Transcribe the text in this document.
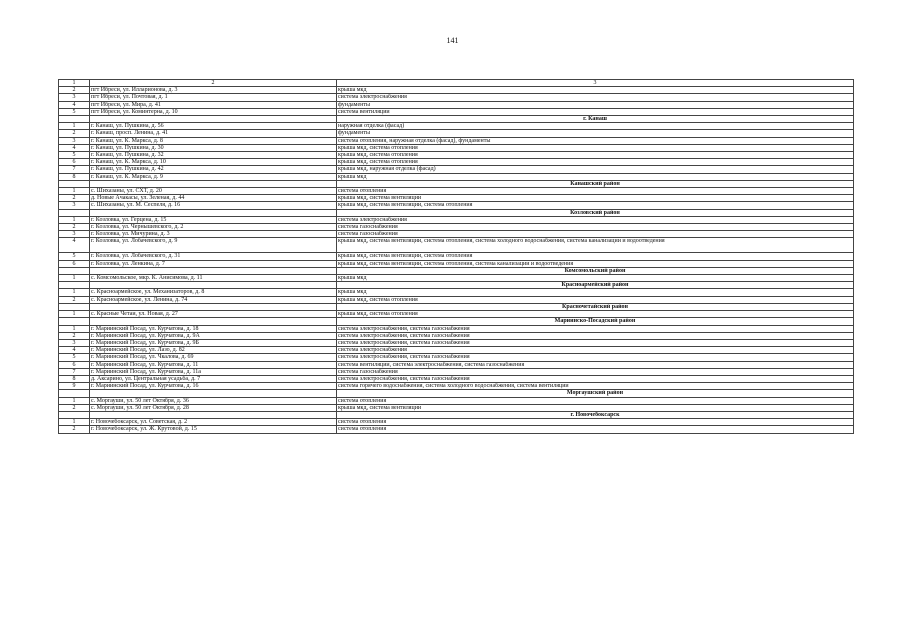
141
1	2	3
2	пгт Ибреси, ул. Илларионова, д. 3	крыша мкд
3	пгт Ибреси, ул. Почтовая, д. 1	система электроснабжения
4	пгт Ибреси, ул. Мира, д. 41	фундаменты
5	пгт Ибреси, ул. Коминтерна, д. 10	система вентиляции
		г. Канаш
1	г. Канаш, ул. Пушкина, д. 56	наружная отделка (фасад)
2	г. Канаш, просп. Ленина, д. 41	фундаменты
3	г. Канаш, ул. К. Маркса, д. 8	система отопления, наружная отделка (фасад), фундаменты
4	г. Канаш, ул. Пушкина, д. 30	крыша мкд, система отопления
5	г. Канаш, ул. Пушкина, д. 32	крыша мкд, система отопления
6	г. Канаш, ул. К. Маркса, д. 10	крыша мкд, система отопления
7	г. Канаш, ул. Пушкина, д. 42	крыша мкд, наружная отделка (фасад)
8	г. Канаш, ул. К. Маркса, д. 9	крыша мкд
		Канашский район
1	с. Шихазаны, ул. СХТ, д. 20	система отопления
2	д. Новые Ачакасы, ул. Зеленая, д. 44	крыша мкд, система вентиляции
3	с. Шихазаны, ул. М. Сеспеля, д. 16	крыша мкд, система вентиляции, система отопления
		Козловский район
1	г. Козловка, ул. Герцена, д. 15	система электроснабжения
2	г. Козловка, ул. Чернышевского, д. 2	система газоснабжения
3	г. Козловка, ул. Мичурина, д. 3	система газоснабжения
4	г. Козловка, ул. Лобачевского, д. 9	крыша мкд, система вентиляции, система отопления, система холодного водоснабжения, система канализации и водоотведения
5	г. Козловка, ул. Лобачевского, д. 31	крыша мкд, система вентиляции, система отопления
6	г. Козловка, ул. Ленкина, д. 7	крыша мкд, система вентиляции, система отопления, система канализации и водоотведения
		Комсомольский район
1	с. Комсомольское, мкр. К. Анисимова, д. 11	крыша мкд
		Красноармейский район
1	с. Красноармейское, ул. Механизаторов, д. 8	крыша мкд
2	с. Красноармейское, ул. Ленина, д. 74	крыша мкд, система отопления
		Красночетайский район
1	с. Красные Четаи, ул. Новая, д. 27	крыша мкд, система отопления
		Мариинско-Посадский район
1	г. Мариинский Посад, ул. Курчатова, д. 18	система электроснабжения, система газоснабжения
2	г. Мариинский Посад, ул. Курчатова, д. 9А	система электроснабжения, система газоснабжения
3	г. Мариинский Посад, ул. Курчатова, д. 9Б	система электроснабжения, система газоснабжения
4	г. Мариинский Посад, ул. Лазо, д. 82	система электроснабжения
5	г. Мариинский Посад, ул. Чкалова, д. 69	система электроснабжения, система газоснабжения
6	г. Мариинский Посад, ул. Курчатова, д. 11	система вентиляции, система электроснабжения, система газоснабжения
7	г. Мариинский Посад, ул. Курчатова, д. 11а	система газоснабжения
8	д. Аксарино, ул. Центральная усадьба, д. 7	система электроснабжения, система газоснабжения
9	г. Мариинский Посад, ул. Курчатова, д. 16	система горячего водоснабжения, система холодного водоснабжения, система вентиляции
		Моргаушский район
1	с. Моргауши, ул. 50 лет Октября, д. 36	система отопления
2	с. Моргауши, ул. 50 лет Октября, д. 28	крыша мкд, система вентиляции
		г. Новочебоксарск
1	г. Новочебоксарск, ул. Советская, д. 2	система отопления
2	г. Новочебоксарск, ул. Ж. Крутовой, д. 15	система отопления
